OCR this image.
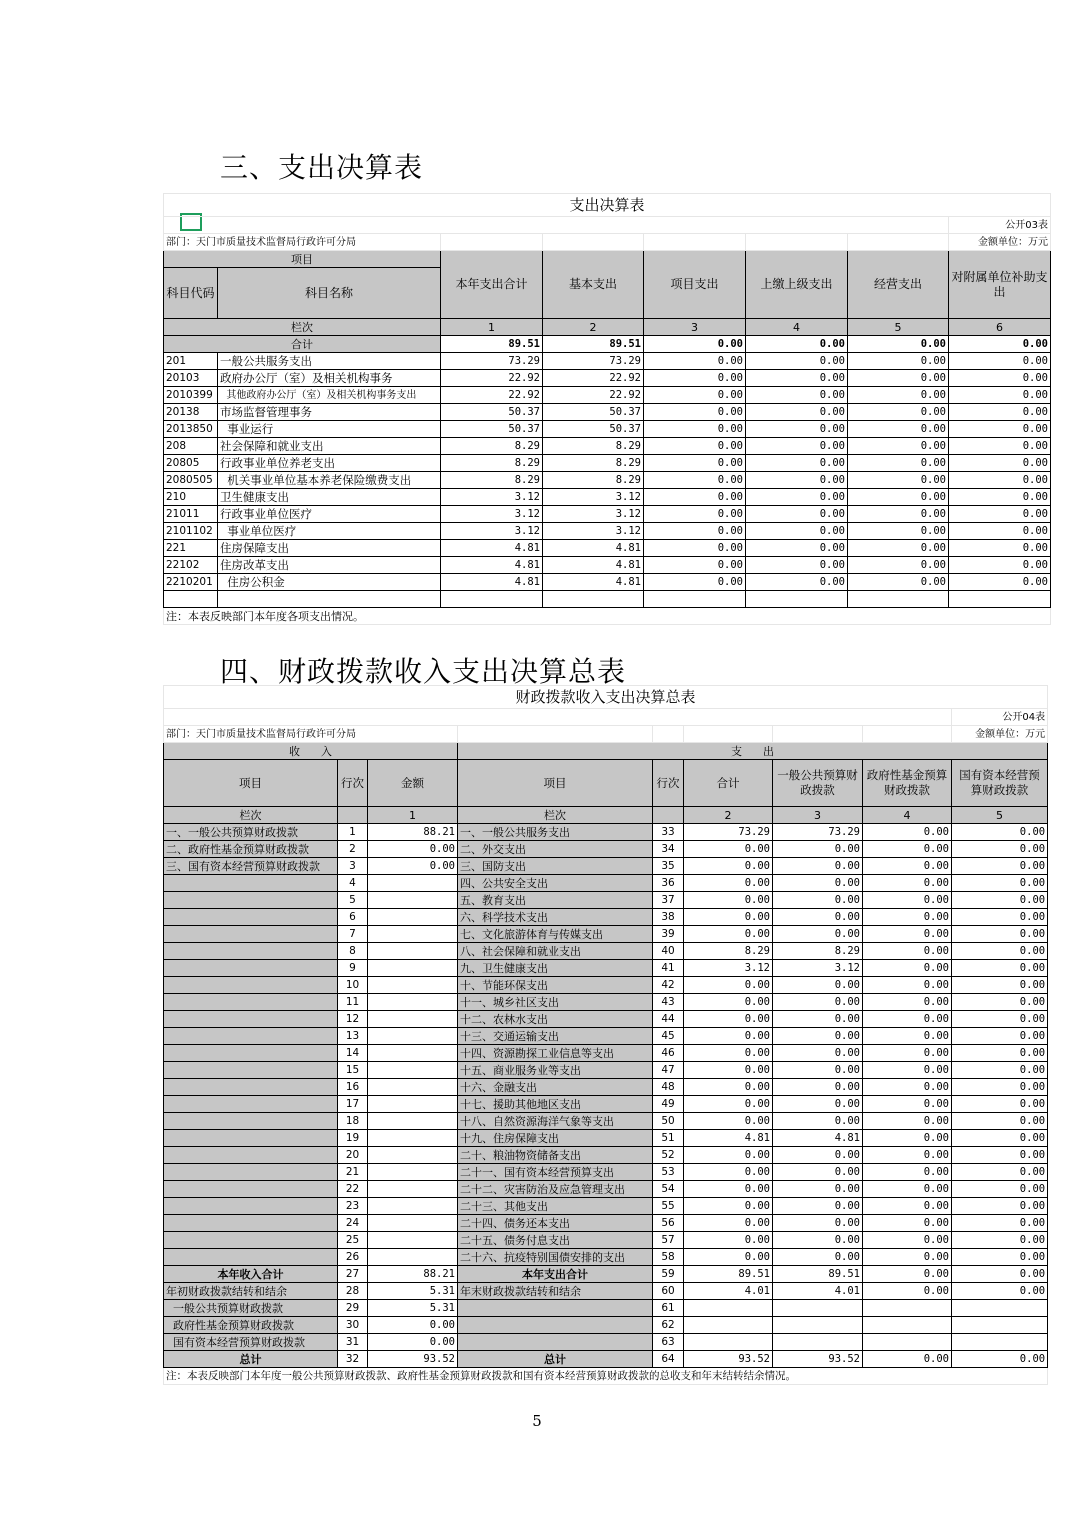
三、支出决算表
支出决算表							
							公开03表
部门：天门市质量技术监督局行政许可分局							金额单位：万元
项目		本年支出合计	基本支出	项目支出	上缴上级支出	经营支出	对附属单位补助支出
科目代码	科目名称						
栏次		1	2	3	4	5	6
合计		89.51	89.51	0.00	0.00	0.00	0.00
201	一般公共服务支出	73.29	73.29	0.00	0.00	0.00	0.00
20103	政府办公厅（室）及相关机构事务	22.92	22.92	0.00	0.00	0.00	0.00
2010399	其他政府办公厅（室）及相关机构事务支出	22.92	22.92	0.00	0.00	0.00	0.00
20138	市场监督管理事务	50.37	50.37	0.00	0.00	0.00	0.00
2013850	事业运行	50.37	50.37	0.00	0.00	0.00	0.00
208	社会保障和就业支出	8.29	8.29	0.00	0.00	0.00	0.00
20805	行政事业单位养老支出	8.29	8.29	0.00	0.00	0.00	0.00
2080505	机关事业单位基本养老保险缴费支出	8.29	8.29	0.00	0.00	0.00	0.00
210	卫生健康支出	3.12	3.12	0.00	0.00	0.00	0.00
21011	行政事业单位医疗	3.12	3.12	0.00	0.00	0.00	0.00
2101102	事业单位医疗	3.12	3.12	0.00	0.00	0.00	0.00
221	住房保障支出	4.81	4.81	0.00	0.00	0.00	0.00
22102	住房改革支出	4.81	4.81	0.00	0.00	0.00	0.00
2210201	住房公积金	4.81	4.81	0.00	0.00	0.00	0.00

注：本表反映部门本年度各项支出情况。							
四、财政拨款收入支出决算总表
财政拨款收入支出决算总表								
								公开04表
部门：天门市质量技术监督局行政许可分局								金额单位：万元
收      入			支      出					
项目	行次	金额	项目	行次	合计	一般公共预算财政拨款	政府性基金预算财政拨款	国有资本经营预算财政拨款
栏次		1	栏次		2	3	4	5
一、一般公共预算财政拨款	1	88.21	一、一般公共服务支出	33	73.29	73.29	0.00	0.00
二、政府性基金预算财政拨款	2	0.00	二、外交支出	34	0.00	0.00	0.00	0.00
三、国有资本经营预算财政拨款	3	0.00	三、国防支出	35	0.00	0.00	0.00	0.00
	4		四、公共安全支出	36	0.00	0.00	0.00	0.00
	5		五、教育支出	37	0.00	0.00	0.00	0.00
	6		六、科学技术支出	38	0.00	0.00	0.00	0.00
	7		七、文化旅游体育与传媒支出	39	0.00	0.00	0.00	0.00
	8		八、社会保障和就业支出	40	8.29	8.29	0.00	0.00
	9		九、卫生健康支出	41	3.12	3.12	0.00	0.00
	10		十、节能环保支出	42	0.00	0.00	0.00	0.00
	11		十一、城乡社区支出	43	0.00	0.00	0.00	0.00
	12		十二、农林水支出	44	0.00	0.00	0.00	0.00
	13		十三、交通运输支出	45	0.00	0.00	0.00	0.00
	14		十四、资源勘探工业信息等支出	46	0.00	0.00	0.00	0.00
	15		十五、商业服务业等支出	47	0.00	0.00	0.00	0.00
	16		十六、金融支出	48	0.00	0.00	0.00	0.00
	17		十七、援助其他地区支出	49	0.00	0.00	0.00	0.00
	18		十八、自然资源海洋气象等支出	50	0.00	0.00	0.00	0.00
	19		十九、住房保障支出	51	4.81	4.81	0.00	0.00
	20		二十、粮油物资储备支出	52	0.00	0.00	0.00	0.00
	21		二十一、国有资本经营预算支出	53	0.00	0.00	0.00	0.00
	22		二十二、灾害防治及应急管理支出	54	0.00	0.00	0.00	0.00
	23		二十三、其他支出	55	0.00	0.00	0.00	0.00
	24		二十四、债务还本支出	56	0.00	0.00	0.00	0.00
	25		二十五、债务付息支出	57	0.00	0.00	0.00	0.00
	26		二十六、抗疫特别国债安排的支出	58	0.00	0.00	0.00	0.00
本年收入合计	27	88.21	本年支出合计	59	89.51	89.51	0.00	0.00
年初财政拨款结转和结余	28	5.31	年末财政拨款结转和结余	60	4.01	4.01	0.00	0.00
一般公共预算财政拨款	29	5.31		61				
政府性基金预算财政拨款	30	0.00		62				
国有资本经营预算财政拨款	31	0.00		63				
总计	32	93.52	总计	64	93.52	93.52	0.00	0.00
注：本表反映部门本年度一般公共预算财政拨款、政府性基金预算财政拨款和国有资本经营预算财政拨款的总收支和年末结转结余情况。								
5
